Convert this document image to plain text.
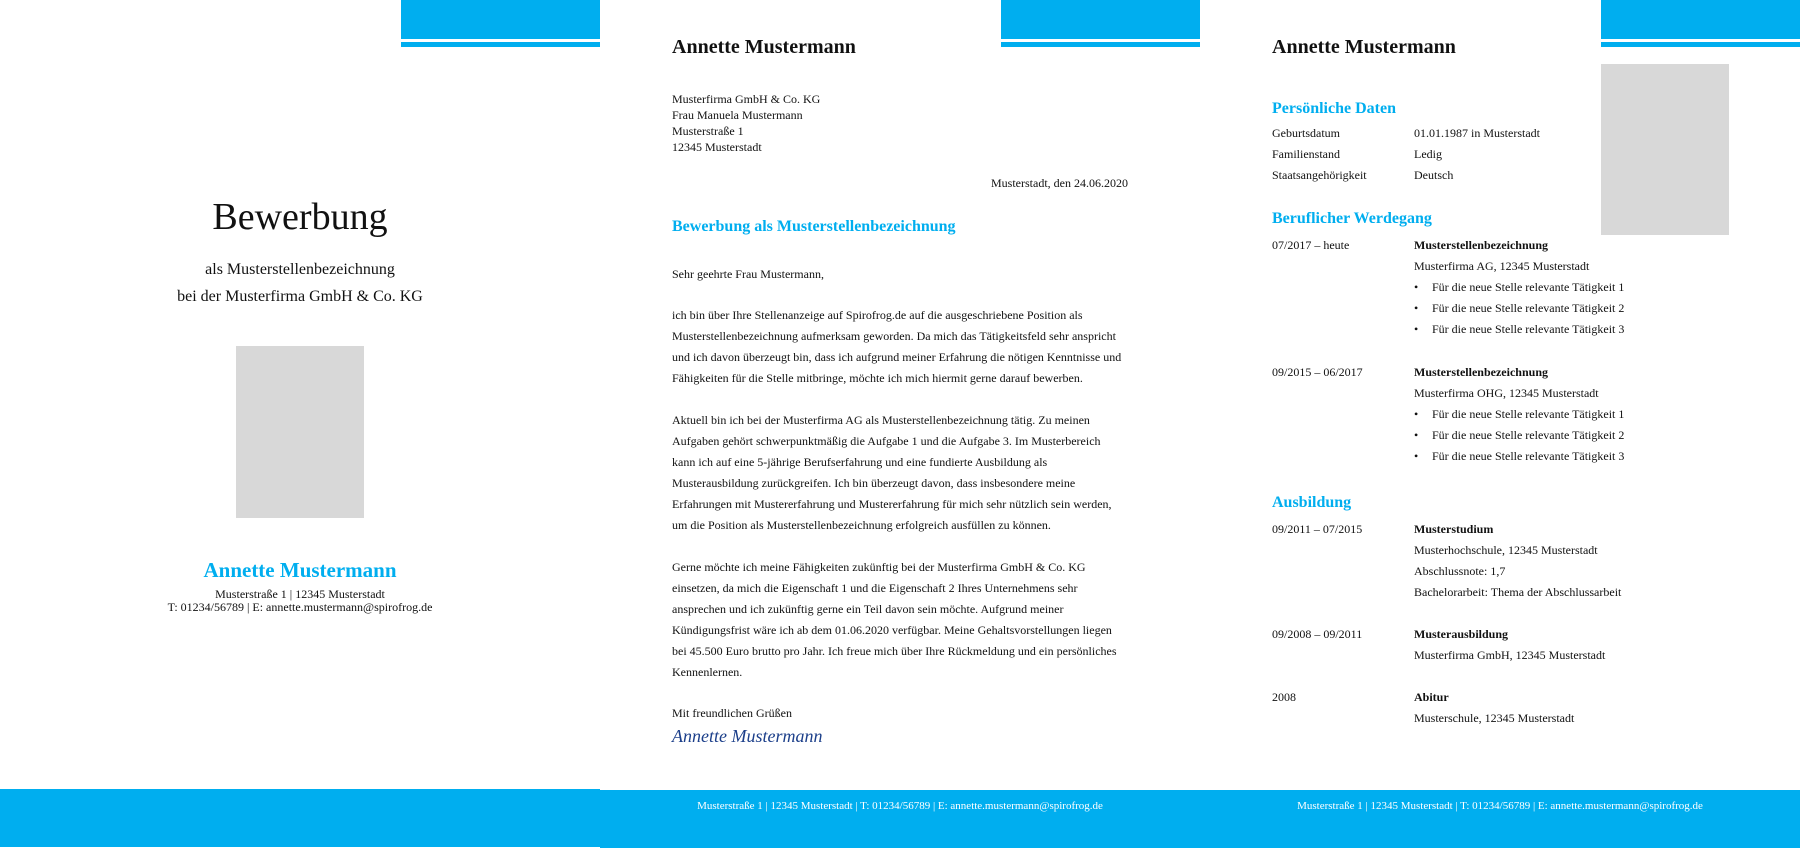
Bewerbung
als Musterstellenbezeichnung
bei der Musterfirma GmbH & Co. KG
Annette Mustermann
Musterstraße 1 | 12345 Musterstadt
T: 01234/56789 | E: annette.mustermann@spirofrog.de
Annette Mustermann
Musterfirma GmbH & Co. KG
Frau Manuela Mustermann
Musterstraße 1
12345 Musterstadt
Musterstadt, den 24.06.2020
Bewerbung als Musterstellenbezeichnung
Sehr geehrte Frau Mustermann,
ich bin über Ihre Stellenanzeige auf Spirofrog.de auf die ausgeschriebene Position als
Musterstellenbezeichnung aufmerksam geworden. Da mich das Tätigkeitsfeld sehr anspricht
und ich davon überzeugt bin, dass ich aufgrund meiner Erfahrung die nötigen Kenntnisse und
Fähigkeiten für die Stelle mitbringe, möchte ich mich hiermit gerne darauf bewerben.
Aktuell bin ich bei der Musterfirma AG als Musterstellenbezeichnung tätig. Zu meinen
Aufgaben gehört schwerpunktmäßig die Aufgabe 1 und die Aufgabe 3. Im Musterbereich
kann ich auf eine 5-jährige Berufserfahrung und eine fundierte Ausbildung als
Musterausbildung zurückgreifen. Ich bin überzeugt davon, dass insbesondere meine
Erfahrungen mit Mustererfahrung und Mustererfahrung für mich sehr nützlich sein werden,
um die Position als Musterstellenbezeichnung erfolgreich ausfüllen zu können.
Gerne möchte ich meine Fähigkeiten zukünftig bei der Musterfirma GmbH & Co. KG
einsetzen, da mich die Eigenschaft 1 und die Eigenschaft 2 Ihres Unternehmens sehr
ansprechen und ich zukünftig gerne ein Teil davon sein möchte. Aufgrund meiner
Kündigungsfrist wäre ich ab dem 01.06.2020 verfügbar. Meine Gehaltsvorstellungen liegen
bei 45.500 Euro brutto pro Jahr. Ich freue mich über Ihre Rückmeldung und ein persönliches
Kennenlernen.
Mit freundlichen Grüßen
Annette Mustermann
Musterstraße 1 | 12345 Musterstadt | T: 01234/56789 | E: annette.mustermann@spirofrog.de
Annette Mustermann
Persönliche Daten
Geburtsdatum	01.01.1987 in Musterstadt
Familienstand	Ledig
Staatsangehörigkeit	Deutsch
Beruflicher Werdegang
07/2017 – heute	Musterstellenbezeichnung
Musterfirma AG, 12345 Musterstadt
• Für die neue Stelle relevante Tätigkeit 1
• Für die neue Stelle relevante Tätigkeit 2
• Für die neue Stelle relevante Tätigkeit 3
09/2015 – 06/2017	Musterstellenbezeichnung
Musterfirma OHG, 12345 Musterstadt
• Für die neue Stelle relevante Tätigkeit 1
• Für die neue Stelle relevante Tätigkeit 2
• Für die neue Stelle relevante Tätigkeit 3
Ausbildung
09/2011 – 07/2015	Musterstudium
Musterhochschule, 12345 Musterstadt
Abschlussnote: 1,7
Bachelorarbeit: Thema der Abschlussarbeit
09/2008 – 09/2011	Musterausbildung
Musterfirma GmbH, 12345 Musterstadt
2008	Abitur
Musterschule, 12345 Musterstadt
Musterstraße 1 | 12345 Musterstadt | T: 01234/56789 | E: annette.mustermann@spirofrog.de
